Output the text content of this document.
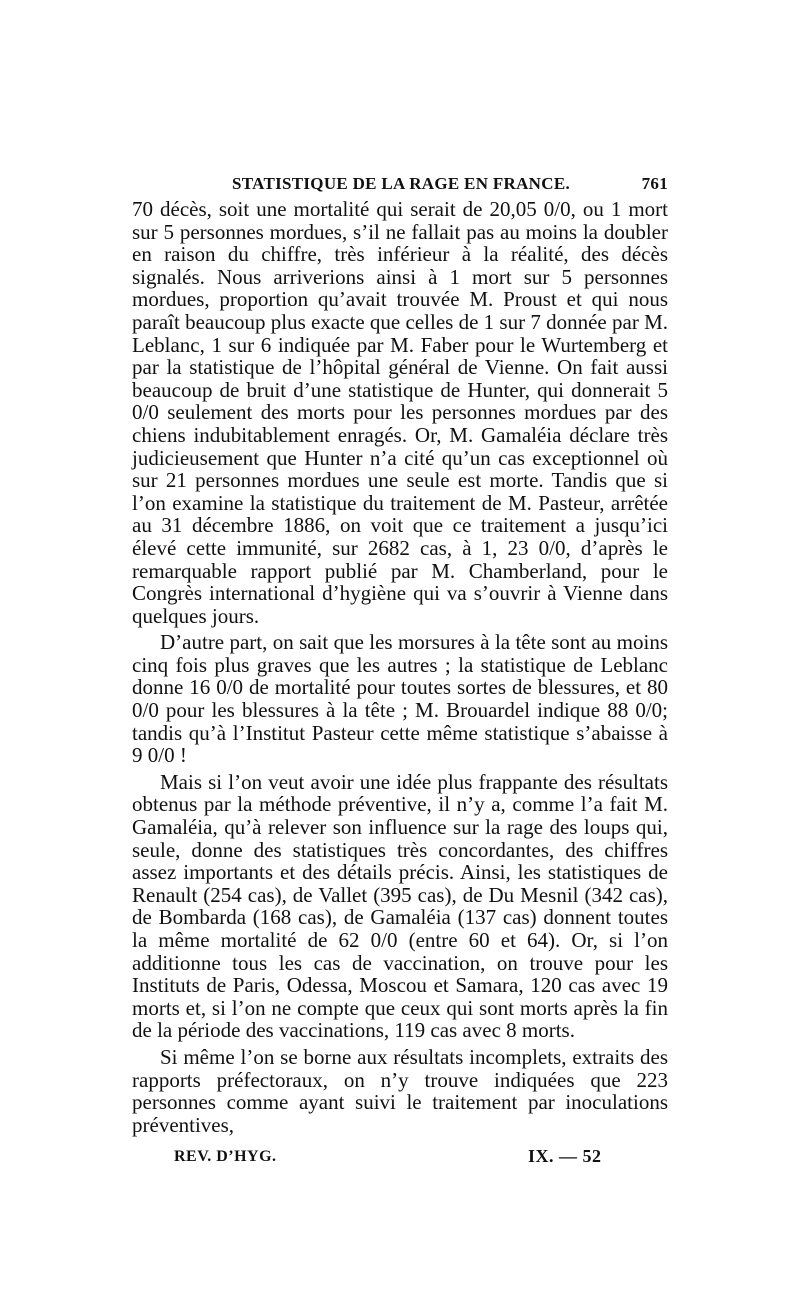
STATISTIQUE DE LA RAGE EN FRANCE.	761

70 décès, soit une mortalité qui serait de 20,05 0/0, ou 1 mort sur 5 personnes mordues, s’il ne fallait pas au moins la doubler en raison du chiffre, très inférieur à la réalité, des décès signalés. Nous arriverions ainsi à 1 mort sur 5 personnes mordues, proportion qu’avait trouvée M. Proust et qui nous paraît beaucoup plus exacte que celles de 1 sur 7 donnée par M. Leblanc, 1 sur 6 indiquée par M. Faber pour le Wurtemberg et par la statistique de l’hôpital général de Vienne. On fait aussi beaucoup de bruit d’une statistique de Hunter, qui donnerait 5 0/0 seulement des morts pour les personnes mordues par des chiens indubitablement enragés. Or, M. Gamaléia déclare très judicieusement que Hunter n’a cité qu’un cas exceptionnel où sur 21 personnes mordues une seule est morte. Tandis que si l’on examine la statistique du traitement de M. Pasteur, arrêtée au 31 décembre 1886, on voit que ce traitement a jusqu’ici élevé cette immunité, sur 2682 cas, à 1, 23 0/0, d’après le remarquable rapport publié par M. Chamberland, pour le Congrès international d’hygiène qui va s’ouvrir à Vienne dans quelques jours.

D’autre part, on sait que les morsures à la tête sont au moins cinq fois plus graves que les autres ; la statistique de Leblanc donne 16 0/0 de mortalité pour toutes sortes de blessures, et 80 0/0 pour les blessures à la tête ; M. Brouardel indique 88 0/0; tandis qu’à l’Institut Pasteur cette même statistique s’abaisse à 9 0/0 !

Mais si l’on veut avoir une idée plus frappante des résultats obtenus par la méthode préventive, il n’y a, comme l’a fait M. Gamaléia, qu’à relever son influence sur la rage des loups qui, seule, donne des statistiques très concordantes, des chiffres assez importants et des détails précis. Ainsi, les statistiques de Renault (254 cas), de Vallet (395 cas), de Du Mesnil (342 cas), de Bombarda (168 cas), de Gamaléia (137 cas) donnent toutes la même mortalité de 62 0/0 (entre 60 et 64). Or, si l’on additionne tous les cas de vaccination, on trouve pour les Instituts de Paris, Odessa, Moscou et Samara, 120 cas avec 19 morts et, si l’on ne compte que ceux qui sont morts après la fin de la période des vaccinations, 119 cas avec 8 morts.

Si même l’on se borne aux résultats incomplets, extraits des rapports préfectoraux, on n’y trouve indiquées que 223 personnes comme ayant suivi le traitement par inoculations préventives,

REV. D’HYG.	IX. — 52
